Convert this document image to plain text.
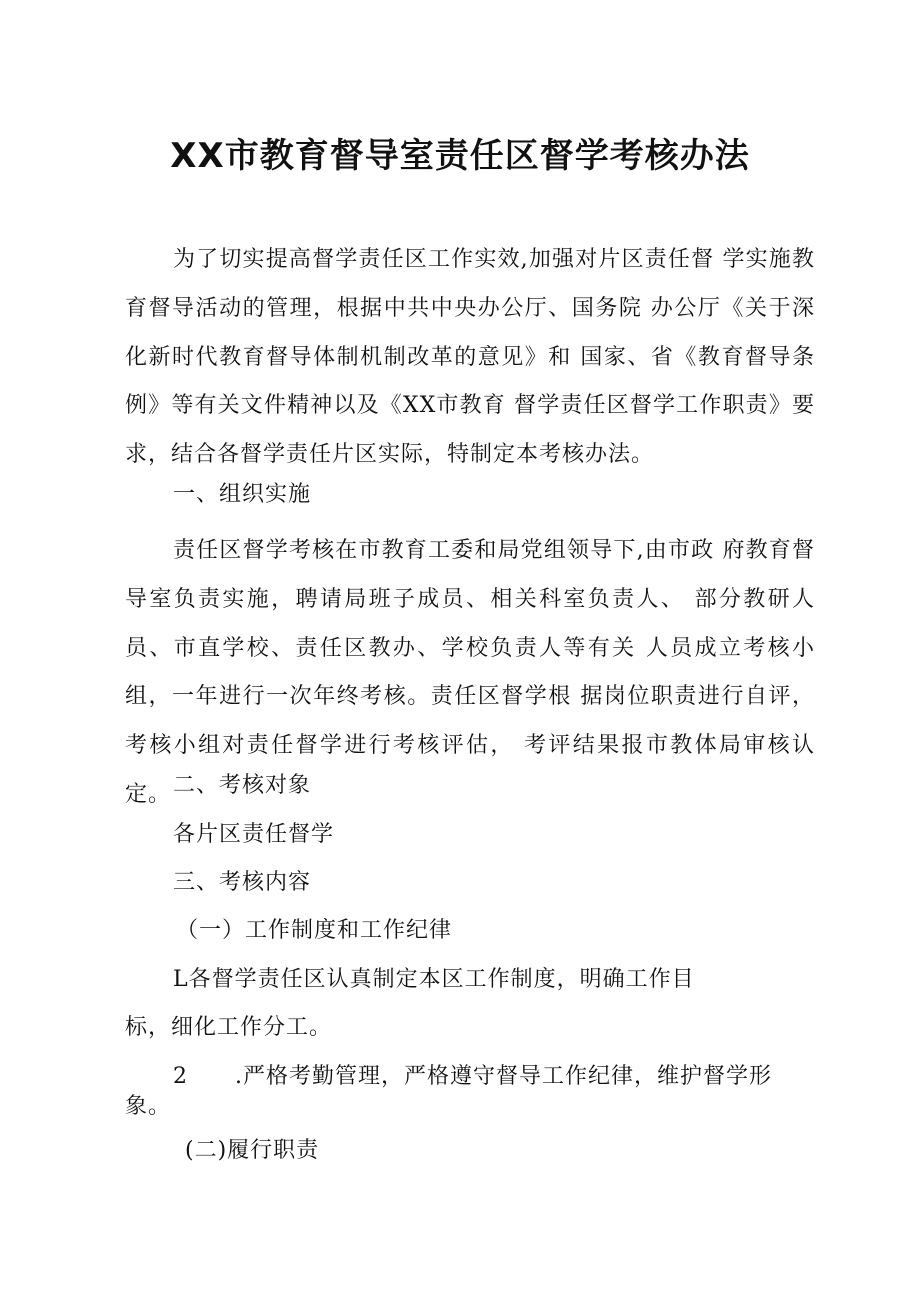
XX市教育督导室责任区督学考核办法

为了切实提高督学责任区工作实效,加强对片区责任督 学实施教育督导活动的管理，根据中共中央办公厅、国务院 办公厅《关于深化新时代教育督导体制机制改革的意见》和 国家、省《教育督导条例》等有关文件精神以及《XX市教育 督学责任区督学工作职责》要求，结合各督学责任片区实际，特制定本考核办法。

一、组织实施

责任区督学考核在市教育工委和局党组领导下,由市政 府教育督导室负责实施，聘请局班子成员、相关科室负责人、 部分教研人员、市直学校、责任区教办、学校负责人等有关 人员成立考核小组，一年进行一次年终考核。责任区督学根 据岗位职责进行自评，考核小组对责任督学进行考核评估， 考评结果报市教体局审核认定。 二、考核对象
各片区责任督学
三、考核内容
（一）工作制度和工作纪律
L各督学责任区认真制定本区工作制度，明确工作目
标，细化工作分工。
2 .严格考勤管理，严格遵守督导工作纪律，维护督学形
象。
(二)履行职责
